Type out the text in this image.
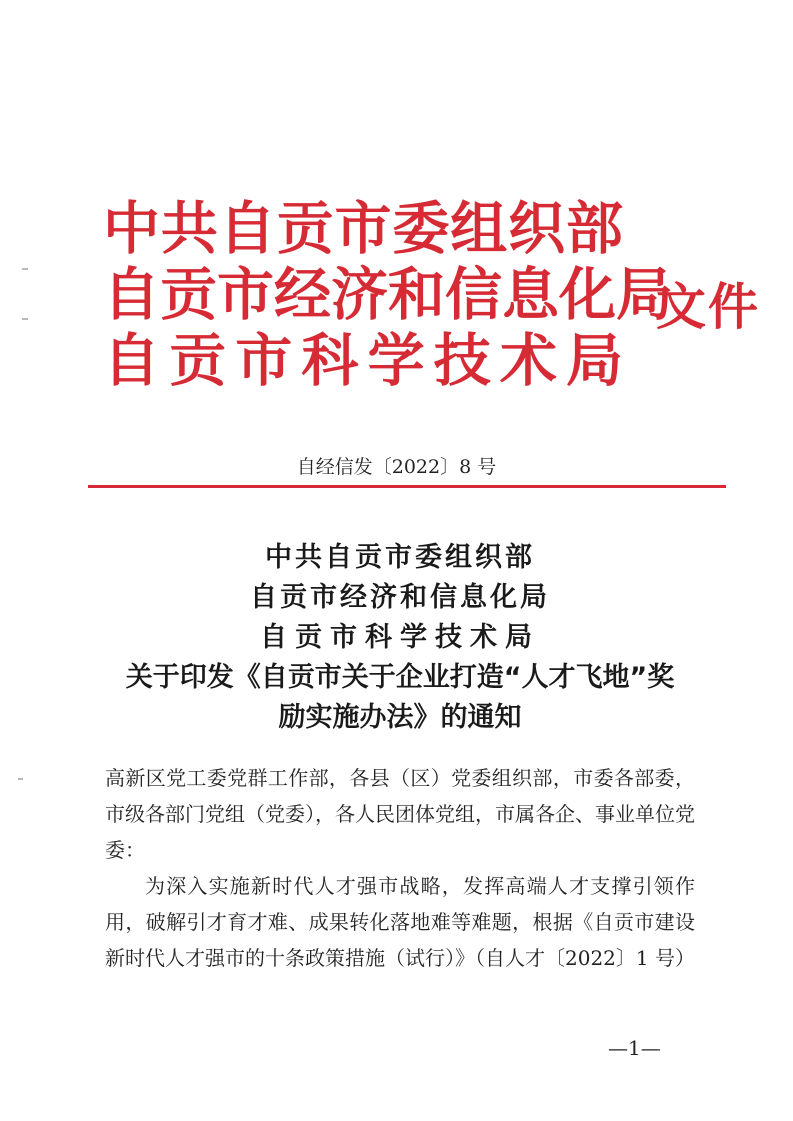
中 共 自 贡 市 委 组 织 部
自 贡 市 经 济 和 信 息 化 局
自 贡 市 科 学 技 术 局
文件
自经信发〔2022〕8 号
中共自贡市委组织部
自贡市经济和信息化局
自贡市科学技术局
关于印发《自贡市关于企业打造“人才飞地”奖
励实施办法》的通知
高新区党工委党群工作部，各县（区）党委组织部，市委各部委，市级各部门党组（党委），各人民团体党组，市属各企、事业单位党委：
为深入实施新时代人才强市战略，发挥高端人才支撑引领作用，破解引才育才难、成果转化落地难等难题，根据《自贡市建设新时代人才强市的十条政策措施（试行）》（自人才〔2022〕1 号）
—1—
